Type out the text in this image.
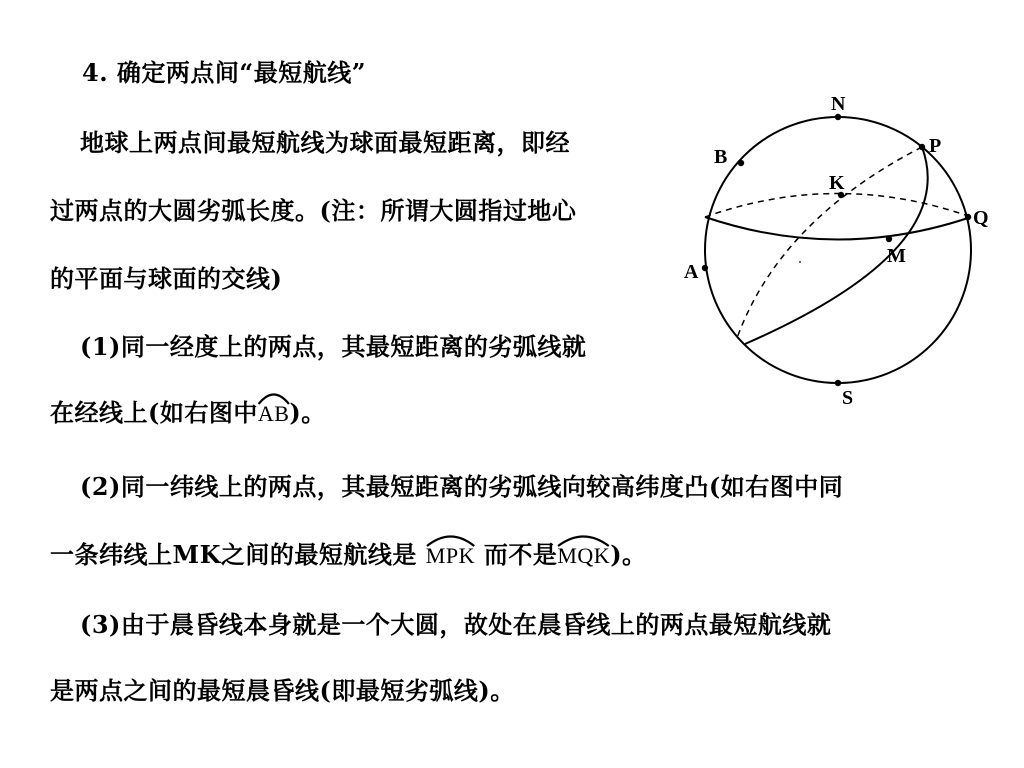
4. 确定两点间“最短航线”
地球上两点间最短航线为球面最短距离，即经
过两点的大圆劣弧长度。(注：所谓大圆指过地心
的平面与球面的交线)
(1)同一经度上的两点，其最短距离的劣弧线就
在经线上(如右图中
AB)。
(2)同一纬线上的两点，其最短距离的劣弧线向较高纬度凸(如右图中同
一条纬线上MK之间的最短航线是 MPK 而不是
MQK)。
(3)由于晨昏线本身就是一个大圆，故处在晨昏线上的两点最短航线就
是两点之间的最短晨昏线(即最短劣弧线)。
N
S
P
Q
B
K
M
A
